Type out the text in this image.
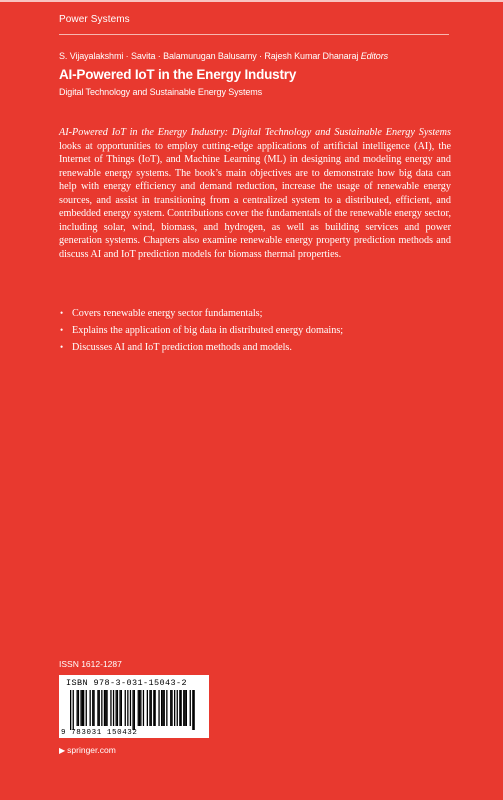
Power Systems
S. Vijayalakshmi · Savita · Balamurugan Balusamy · Rajesh Kumar Dhanaraj Editors
AI-Powered IoT in the Energy Industry
Digital Technology and Sustainable Energy Systems

AI-Powered IoT in the Energy Industry: Digital Technology and Sustainable Energy Systems looks at opportunities to employ cutting-edge applications of artificial intelligence (AI), the Internet of Things (IoT), and Machine Learning (ML) in designing and modeling energy and renewable energy systems. The book’s main objectives are to demonstrate how big data can help with energy efficiency and demand reduction, increase the usage of renewable energy sources, and assist in transitioning from a centralized system to a distributed, efficient, and embedded energy system. Contributions cover the fundamentals of the renewable energy sector, including solar, wind, biomass, and hydrogen, as well as building services and power generation systems. Chapters also examine renewable energy property prediction methods and discuss AI and IoT prediction models for biomass thermal properties.

• Covers renewable energy sector fundamentals;
• Explains the application of big data in distributed energy domains;
• Discusses AI and IoT prediction methods and models.
ISSN 1612-1287
ISBN 978-3-031-15043-2
9 783031 150432
▶ springer.com
